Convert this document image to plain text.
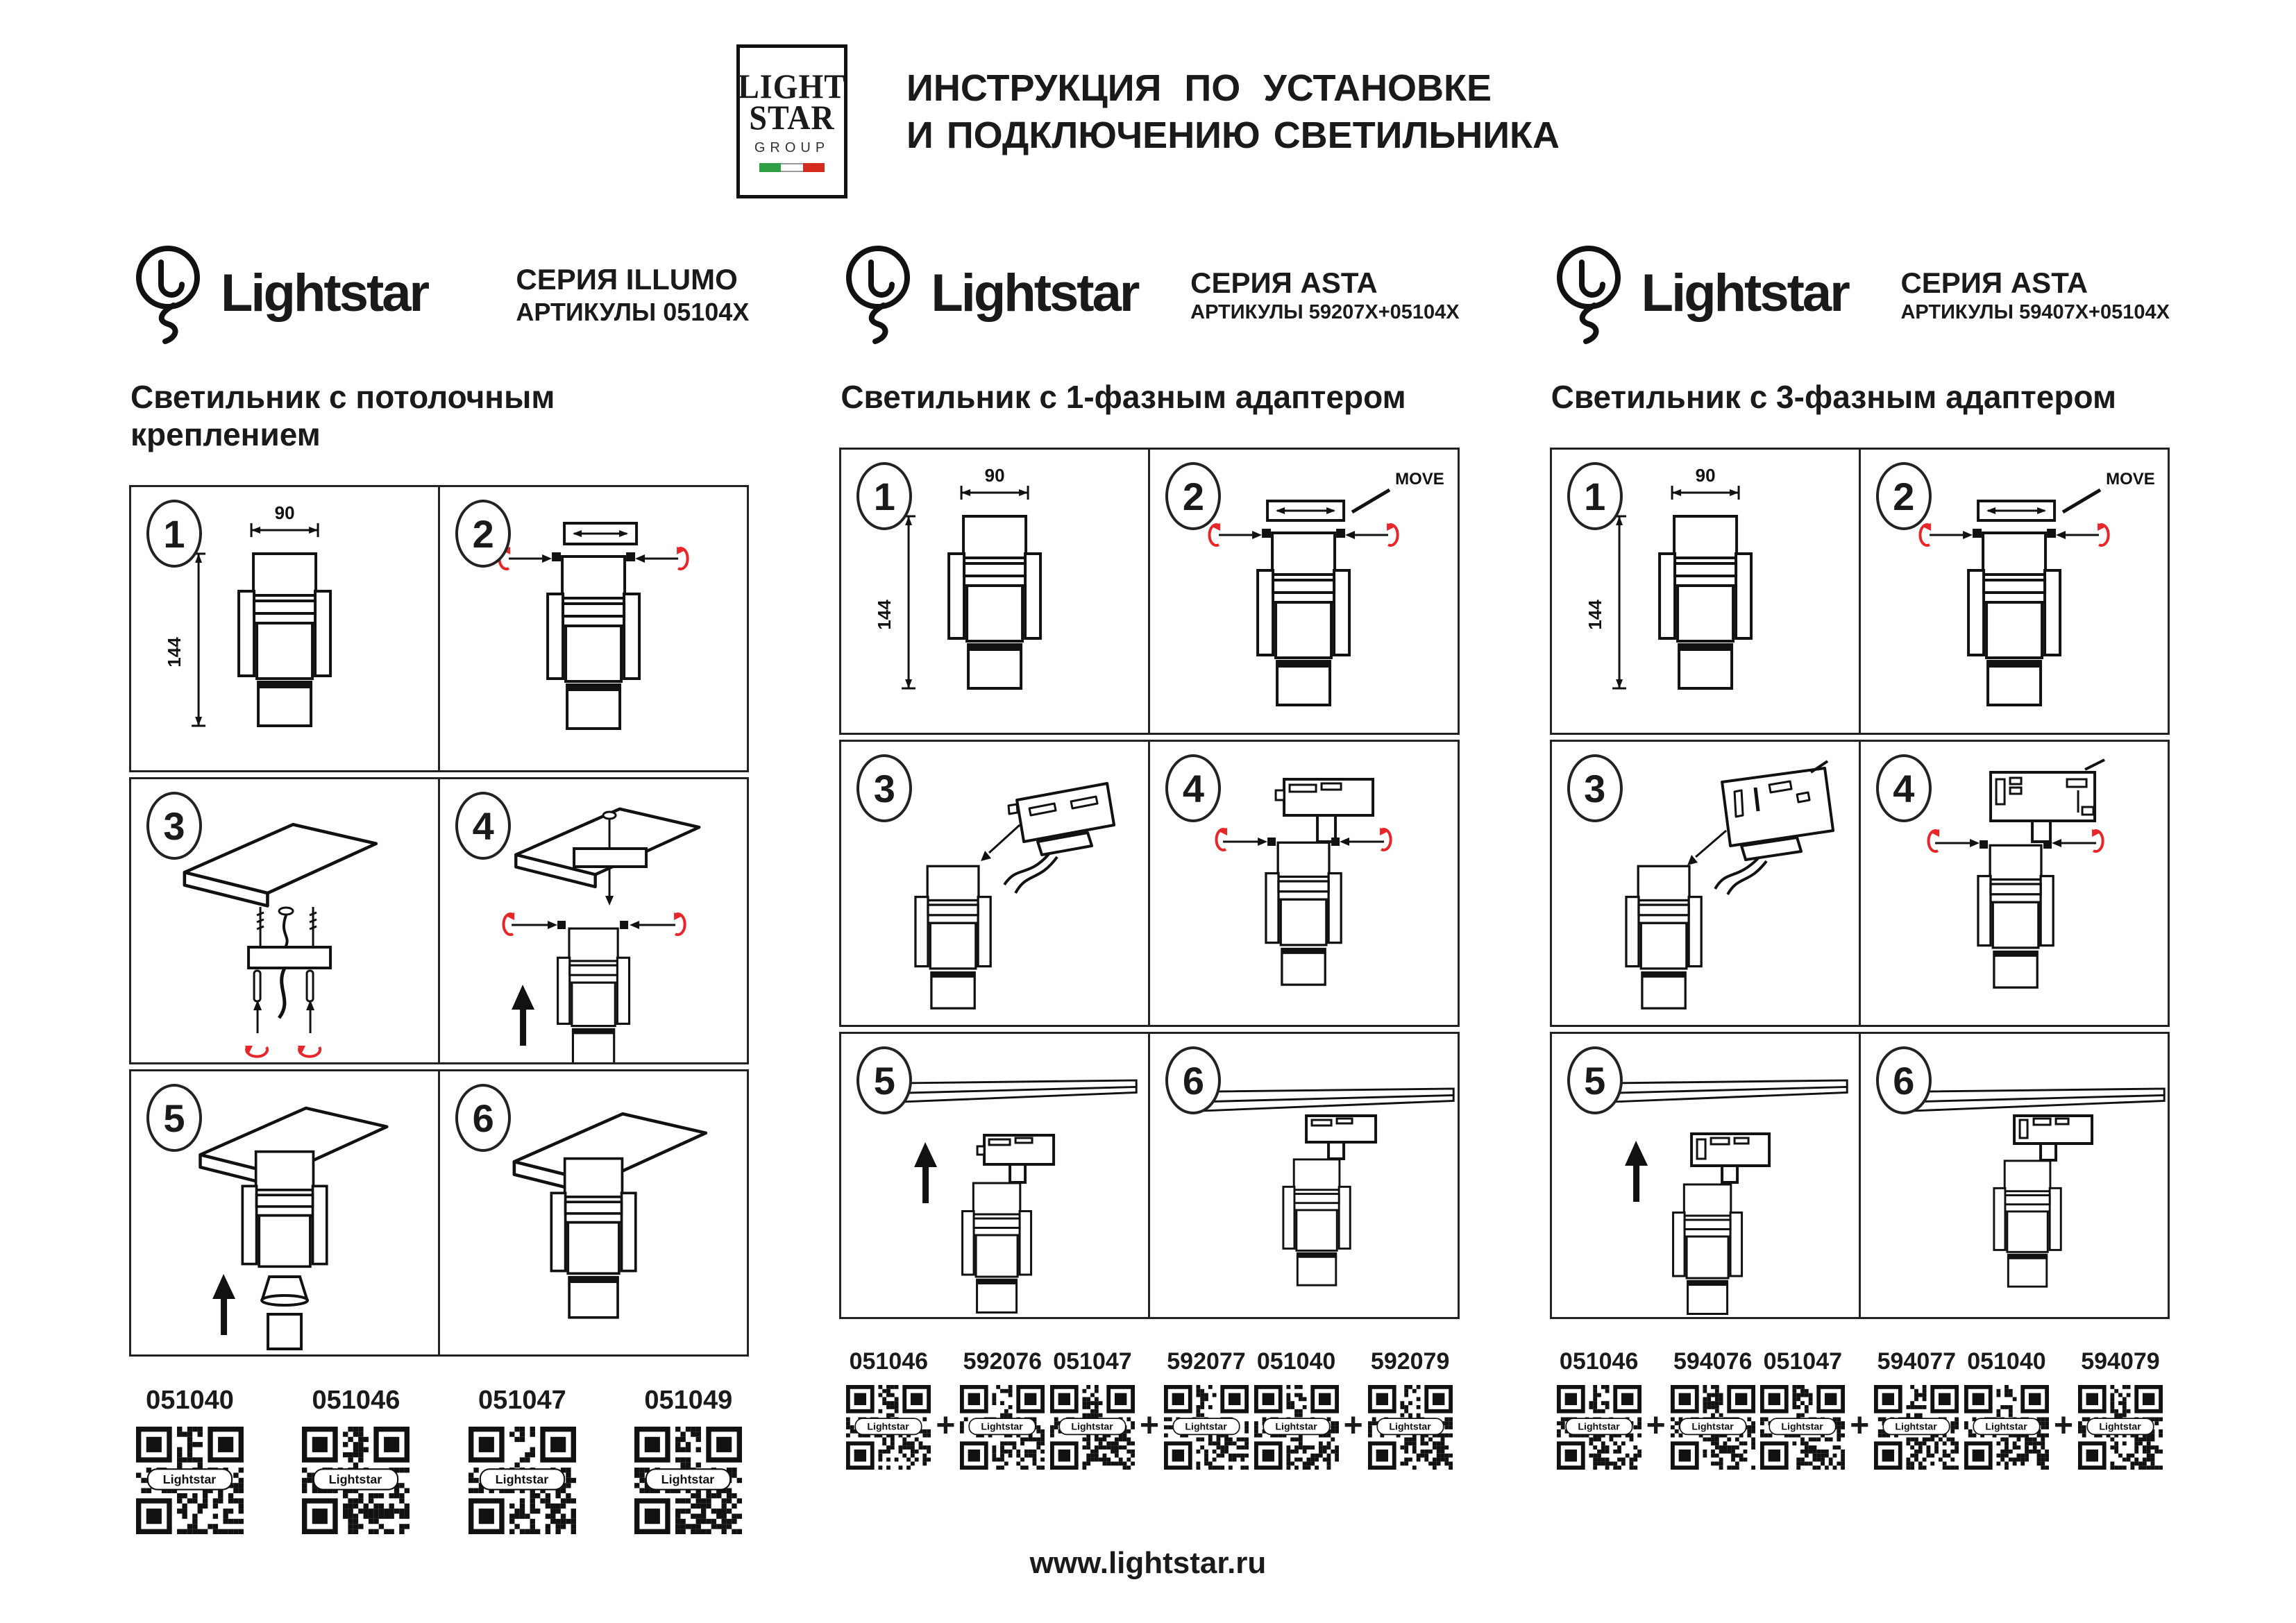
LIGHT
STAR
GROUP
ИНСТРУКЦИЯ ПО УСТАНОВКЕ
И ПОДКЛЮЧЕНИЮ СВЕТИЛЬНИКА
Lightstar	СЕРИЯ ILLUMO
АРТИКУЛЫ 05104X
Светильник с потолочным креплением
1	90
144
2
3	4
5	6
051040
Lightstar
051046
Lightstar
051047
Lightstar
051049
Lightstar
Lightstar СЕРИЯ ASTA
АРТИКУЛЫ 59207X+05104X
Светильник с 1-фазным адаптером
1	90
144
2	MOVE
3	4
5	6
051046
Lightstar +
592076
Lightstar
051047
Lightstar +
592077
Lightstar
051040
Lightstar +
592079
Lightstar
Lightstar СЕРИЯ ASTA
АРТИКУЛЫ 59407X+05104X
Светильник с 3-фазным адаптером
1	90
144
2	MOVE
3	4
5	6
051046
Lightstar +
594076
Lightstar
051047
Lightstar +
594077
Lightstar
051040
Lightstar +
594079
Lightstar
www.lightstar.ru
